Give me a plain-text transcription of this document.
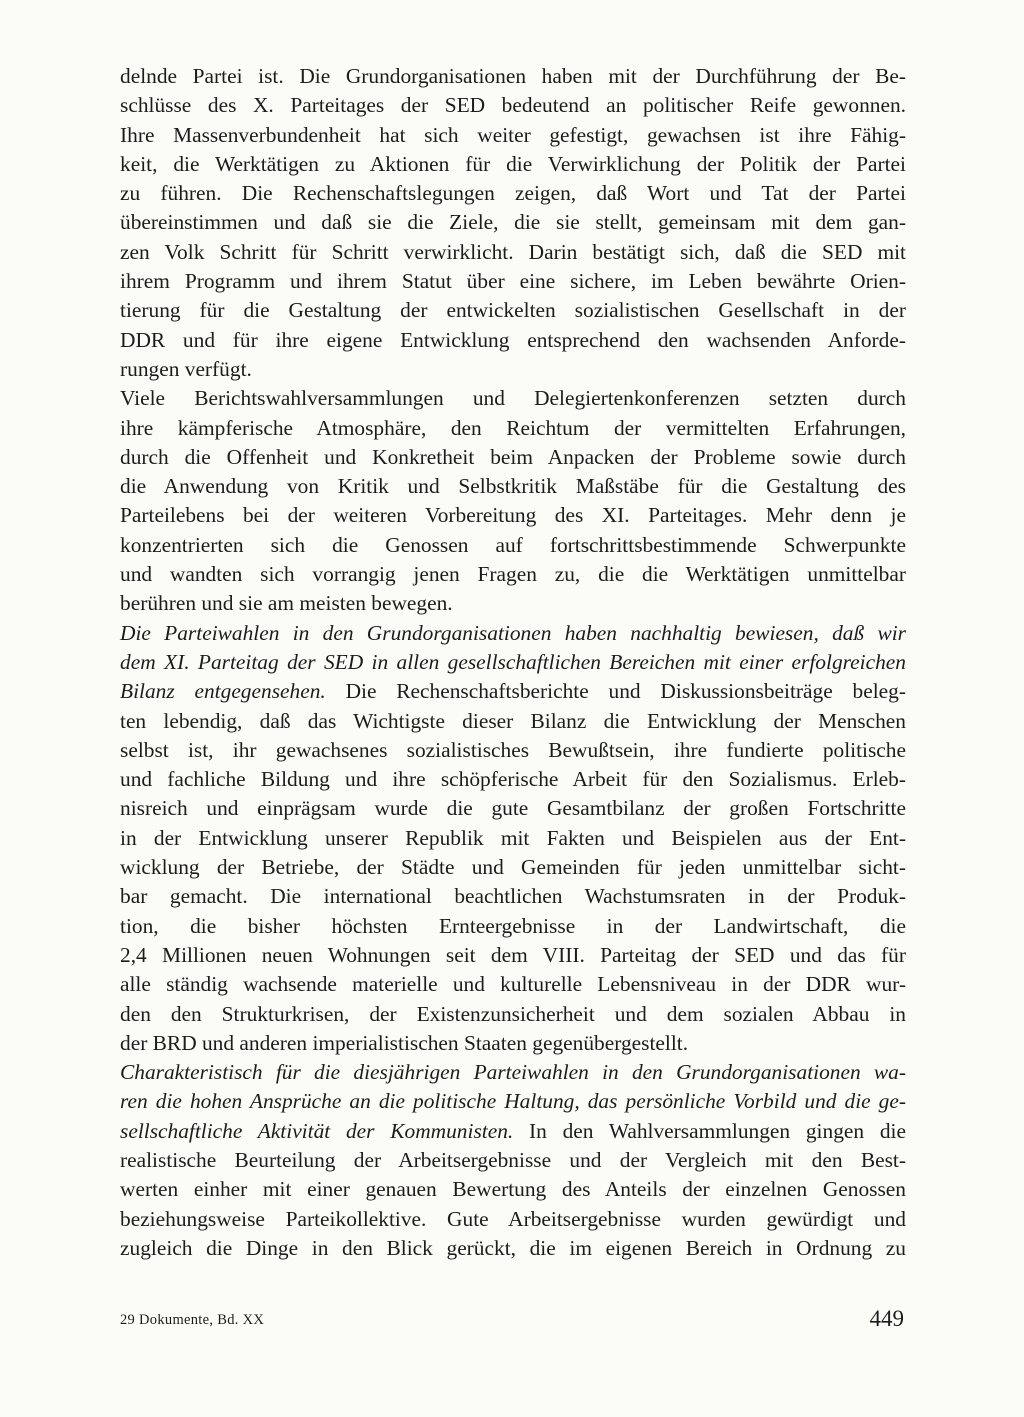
delnde Partei ist. Die Grundorganisationen haben mit der Durchführung der Be-
schlüsse des X. Parteitages der SED bedeutend an politischer Reife gewonnen.
Ihre Massenverbundenheit hat sich weiter gefestigt, gewachsen ist ihre Fähig-
keit, die Werktätigen zu Aktionen für die Verwirklichung der Politik der Partei
zu führen. Die Rechenschaftslegungen zeigen, daß Wort und Tat der Partei
übereinstimmen und daß sie die Ziele, die sie stellt, gemeinsam mit dem gan-
zen Volk Schritt für Schritt verwirklicht. Darin bestätigt sich, daß die SED mit
ihrem Programm und ihrem Statut über eine sichere, im Leben bewährte Orien-
tierung für die Gestaltung der entwickelten sozialistischen Gesellschaft in der
DDR und für ihre eigene Entwicklung entsprechend den wachsenden Anforde-
rungen verfügt.

Viele Berichtswahlversammlungen und Delegiertenkonferenzen setzten durch
ihre kämpferische Atmosphäre, den Reichtum der vermittelten Erfahrungen,
durch die Offenheit und Konkretheit beim Anpacken der Probleme sowie durch
die Anwendung von Kritik und Selbstkritik Maßstäbe für die Gestaltung des
Parteilebens bei der weiteren Vorbereitung des XI. Parteitages. Mehr denn je
konzentrierten sich die Genossen auf fortschrittsbestimmende Schwerpunkte
und wandten sich vorrangig jenen Fragen zu, die die Werktätigen unmittelbar
berühren und sie am meisten bewegen.

Die Parteiwahlen in den Grundorganisationen haben nachhaltig bewiesen, daß wir
dem XI. Parteitag der SED in allen gesellschaftlichen Bereichen mit einer erfolgreichen
Bilanz entgegensehen. Die Rechenschaftsberichte und Diskussionsbeiträge beleg-
ten lebendig, daß das Wichtigste dieser Bilanz die Entwicklung der Menschen
selbst ist, ihr gewachsenes sozialistisches Bewußtsein, ihre fundierte politische
und fachliche Bildung und ihre schöpferische Arbeit für den Sozialismus. Erleb-
nisreich und einprägsam wurde die gute Gesamtbilanz der großen Fortschritte
in der Entwicklung unserer Republik mit Fakten und Beispielen aus der Ent-
wicklung der Betriebe, der Städte und Gemeinden für jeden unmittelbar sicht-
bar gemacht. Die international beachtlichen Wachstumsraten in der Produk-
tion, die bisher höchsten Ernteergebnisse in der Landwirtschaft, die
2,4 Millionen neuen Wohnungen seit dem VIII. Parteitag der SED und das für
alle ständig wachsende materielle und kulturelle Lebensniveau in der DDR wur-
den den Strukturkrisen, der Existenzunsicherheit und dem sozialen Abbau in
der BRD und anderen imperialistischen Staaten gegenübergestellt.

Charakteristisch für die diesjährigen Parteiwahlen in den Grundorganisationen wa-
ren die hohen Ansprüche an die politische Haltung, das persönliche Vorbild und die ge-
sellschaftliche Aktivität der Kommunisten. In den Wahlversammlungen gingen die
realistische Beurteilung der Arbeitsergebnisse und der Vergleich mit den Best-
werten einher mit einer genauen Bewertung des Anteils der einzelnen Genossen
beziehungsweise Parteikollektive. Gute Arbeitsergebnisse wurden gewürdigt und
zugleich die Dinge in den Blick gerückt, die im eigenen Bereich in Ordnung zu

29 Dokumente, Bd. XX	449
